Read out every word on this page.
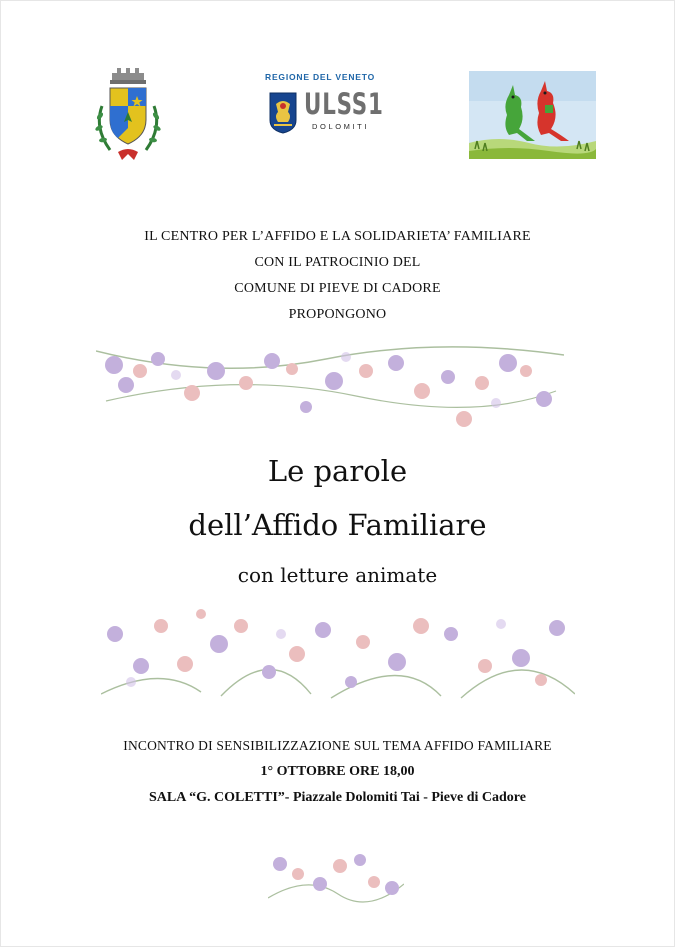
REGIONE DEL VENETO
ULSS1
DOLOMITI
IL CENTRO PER L’AFFIDO E LA SOLIDARIETA’ FAMILIARE
CON IL PATROCINIO DEL
COMUNE DI PIEVE DI CADORE
PROPONGONO
Le parole
dell’Affido Familiare
con letture animate
INCONTRO DI SENSIBILIZZAZIONE SUL TEMA AFFIDO FAMILIARE
1° OTTOBRE ORE 18,00
SALA “G. COLETTI”- Piazzale Dolomiti Tai - Pieve di Cadore
